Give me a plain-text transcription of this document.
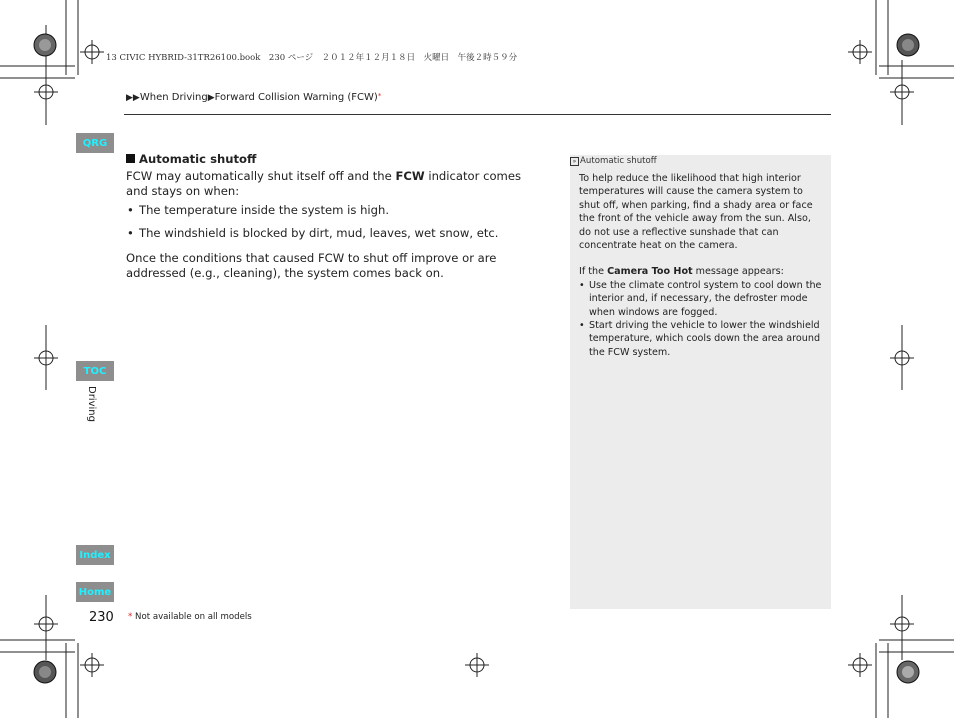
13 CIVIC HYBRID-31TR26100.book　230 ページ　２０１２年１２月１８日　火曜日　午後２時５９分
▶▶When Driving▶Forward Collision Warning (FCW)*
QRG
TOC
Driving
Index
Home
Automatic shutoff

FCW may automatically shut itself off and the FCW indicator comes and stays on when:

• The temperature inside the system is high.
• The windshield is blocked by dirt, mud, leaves, wet snow, etc.

Once the conditions that caused FCW to shut off improve or are addressed (e.g., cleaning), the system comes back on.

» Automatic shutoff

To help reduce the likelihood that high interior temperatures will cause the camera system to shut off, when parking, find a shady area or face the front of the vehicle away from the sun. Also, do not use a reflective sunshade that can concentrate heat on the camera.

If the Camera Too Hot message appears:

• Use the climate control system to cool down the interior and, if necessary, the defroster mode when windows are fogged.
• Start driving the vehicle to lower the windshield temperature, which cools down the area around the FCW system.
230 * Not available on all models
